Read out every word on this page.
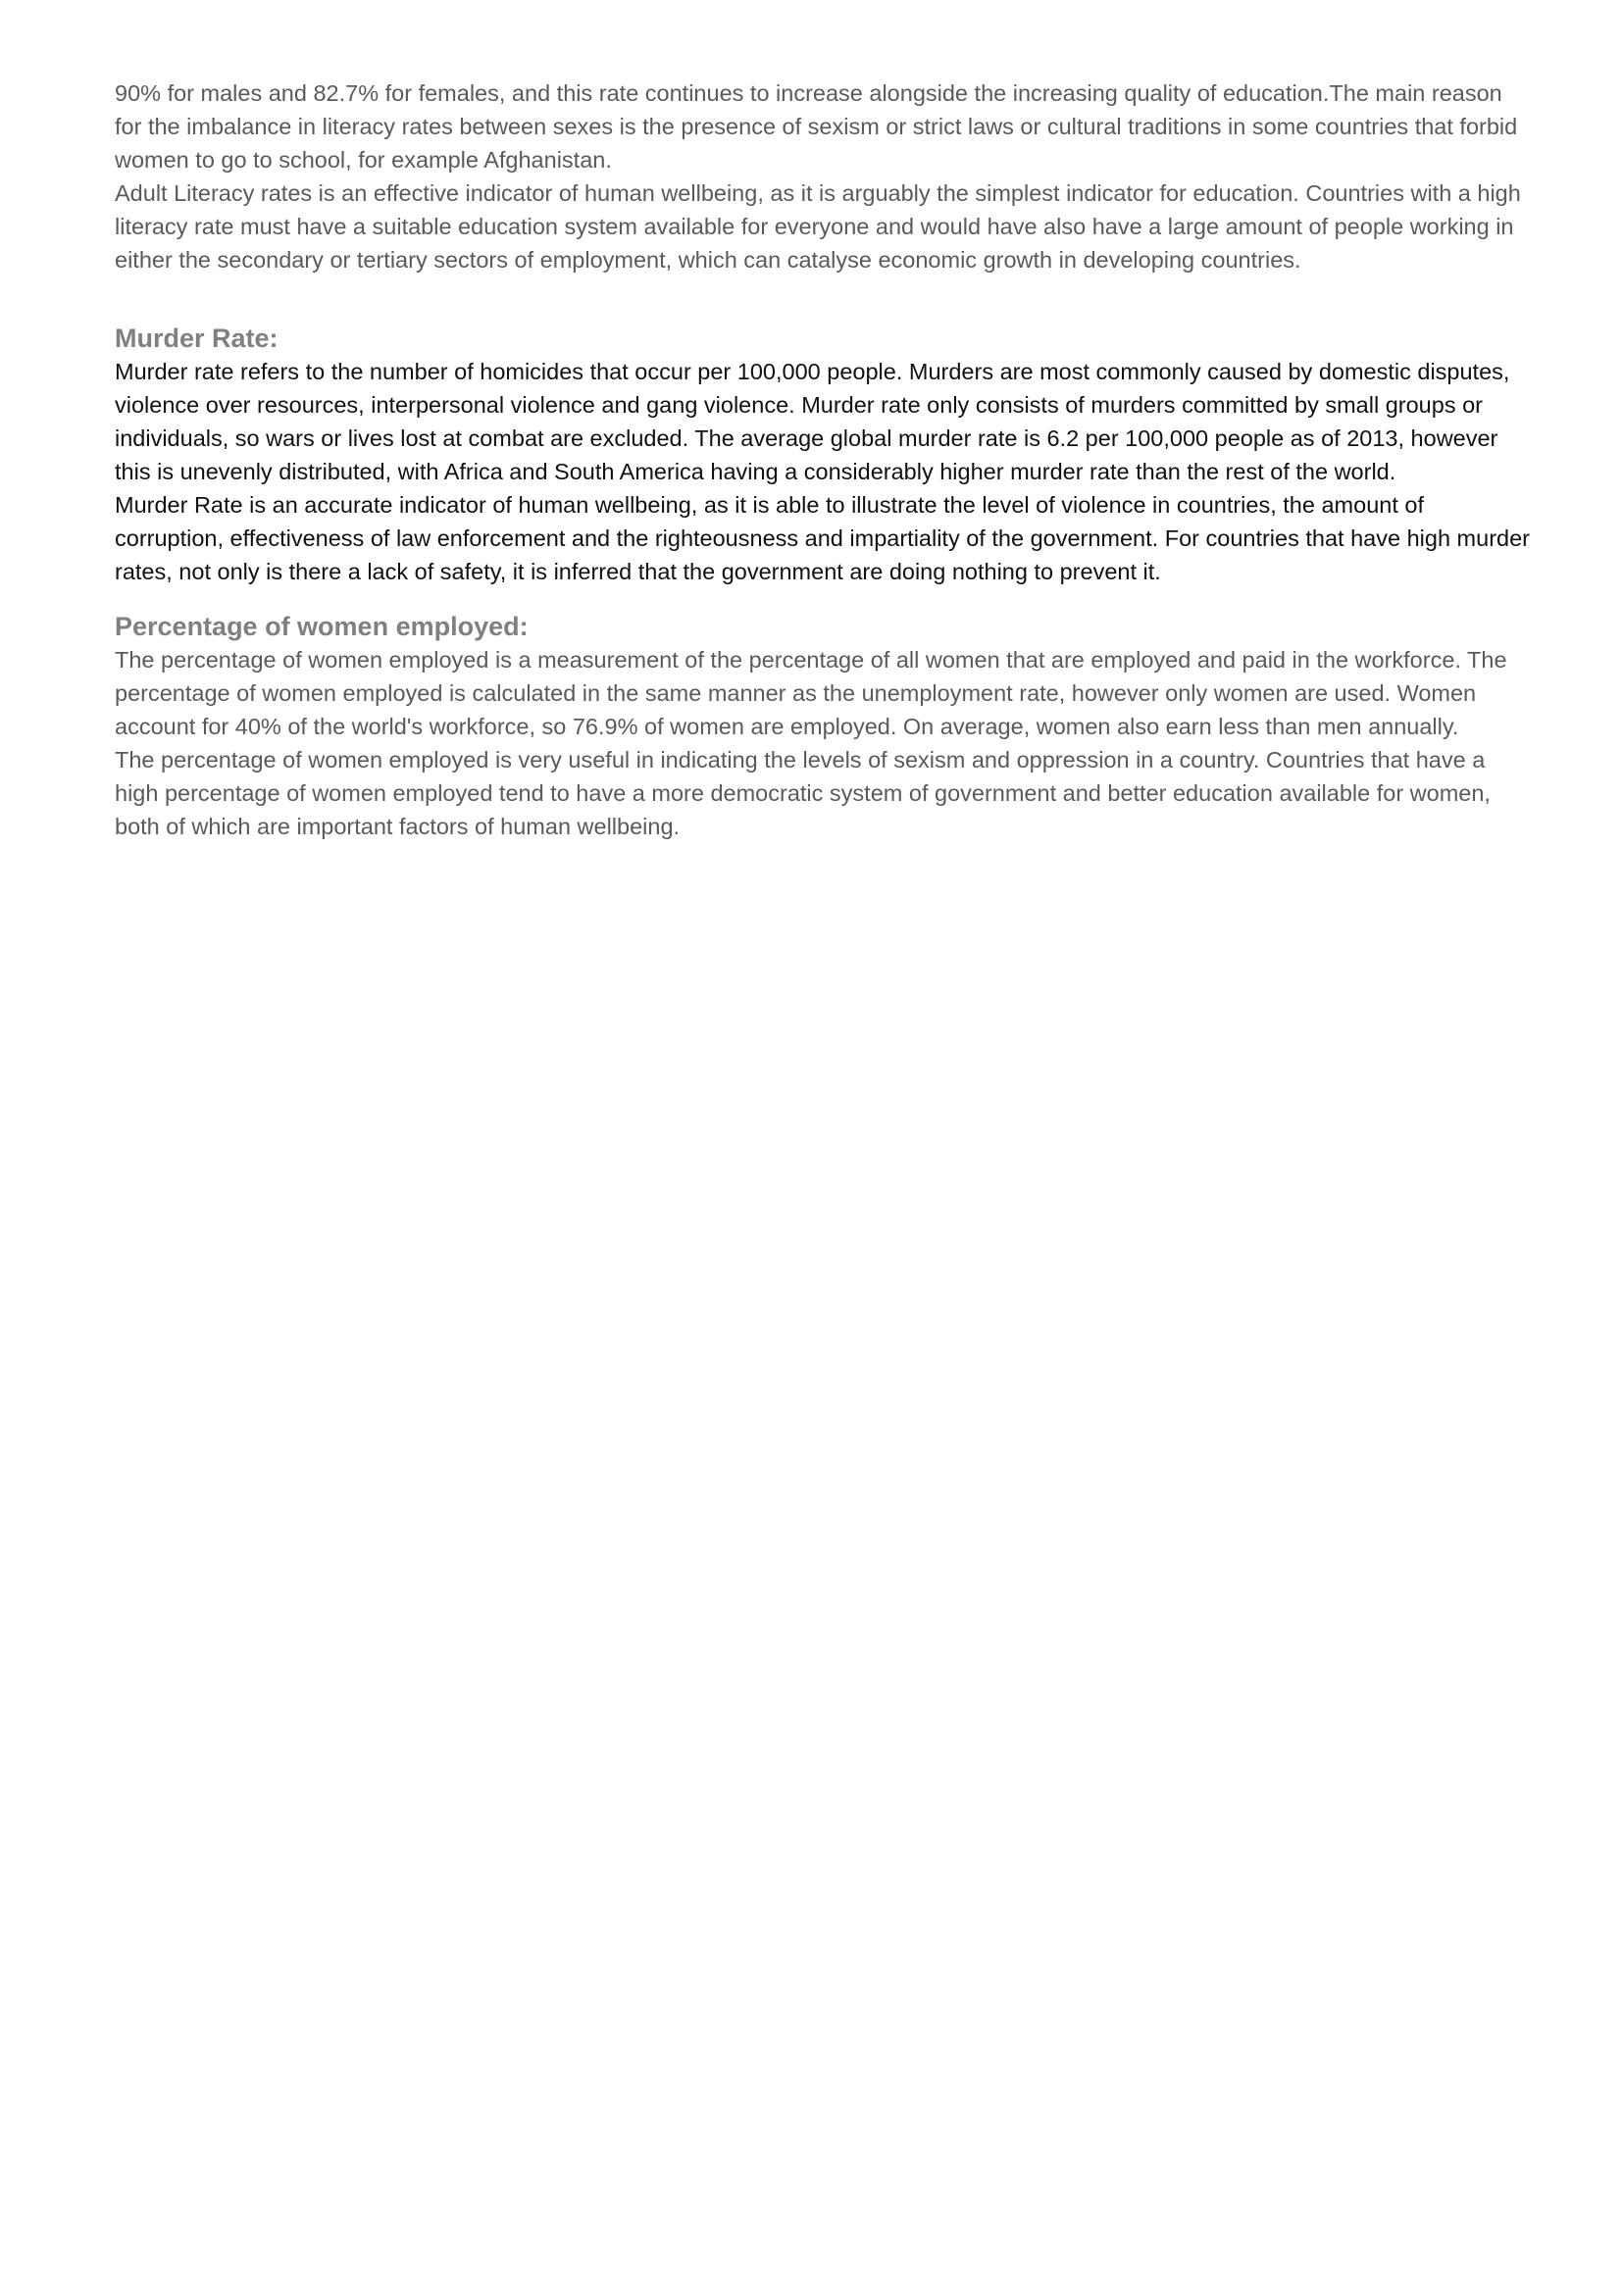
90% for males and 82.7% for females, and this rate continues to increase alongside the increasing quality of education.The main reason for the imbalance in literacy rates between sexes is the presence of sexism or strict laws or cultural traditions in some countries that forbid women to go to school, for example Afghanistan.

Adult Literacy rates is an effective indicator of human wellbeing, as it is arguably the simplest indicator for education. Countries with a high literacy rate must have a suitable education system available for everyone and would have also have a large amount of people working in either the secondary or tertiary sectors of employment, which can catalyse economic growth in developing countries.

Murder Rate:

Murder rate refers to the number of homicides that occur per 100,000 people. Murders are most commonly caused by domestic disputes, violence over resources, interpersonal violence and gang violence. Murder rate only consists of murders committed by small groups or individuals, so wars or lives lost at combat are excluded. The average global murder rate is 6.2 per 100,000 people as of 2013, however this is unevenly distributed, with Africa and South America having a considerably higher murder rate than the rest of the world.

Murder Rate is an accurate indicator of human wellbeing, as it is able to illustrate the level of violence in countries, the amount of corruption, effectiveness of law enforcement and the righteousness and impartiality of the government. For countries that have high murder rates, not only is there a lack of safety, it is inferred that the government are doing nothing to prevent it.

Percentage of women employed:

The percentage of women employed is a measurement of the percentage of all women that are employed and paid in the workforce. The percentage of women employed is calculated in the same manner as the unemployment rate, however only women are used. Women account for 40% of the world's workforce, so 76.9% of women are employed. On average, women also earn less than men annually.

The percentage of women employed is very useful in indicating the levels of sexism and oppression in a country. Countries that have a high percentage of women employed tend to have a more democratic system of government and better education available for women, both of which are important factors of human wellbeing.
